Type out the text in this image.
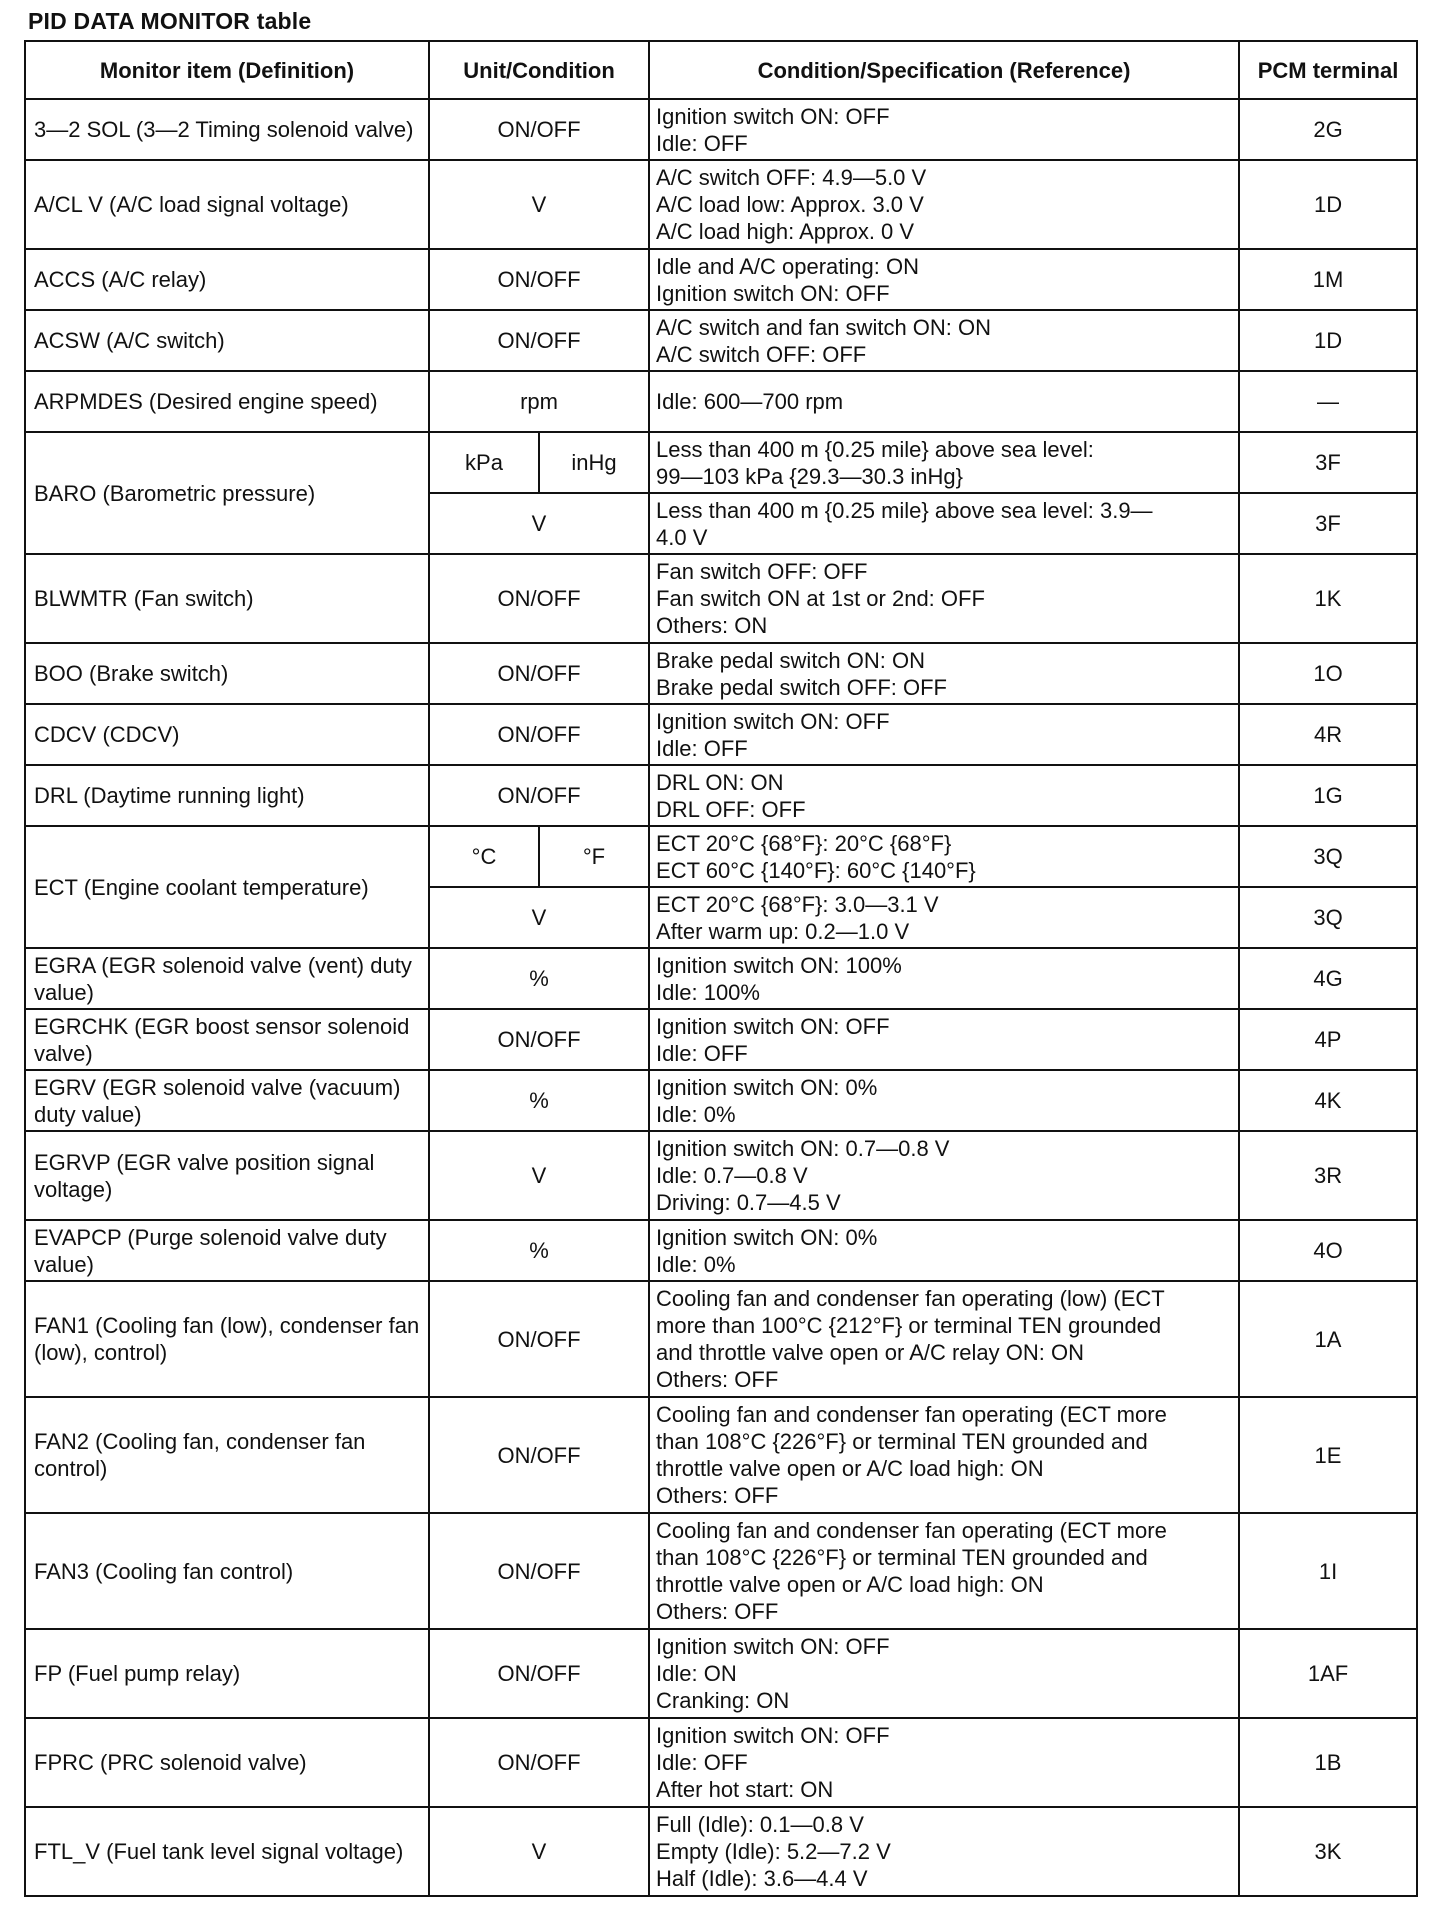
PID DATA MONITOR table
Monitor item (Definition)	Unit/Condition		Condition/Specification (Reference)	PCM terminal
3—2 SOL (3—2 Timing solenoid valve)	ON/OFF		Ignition switch ON: OFF
Idle: OFF	2G
A/CL V (A/C load signal voltage)	V		A/C switch OFF: 4.9—5.0 V
A/C load low: Approx. 3.0 V
A/C load high: Approx. 0 V	1D
ACCS (A/C relay)	ON/OFF		Idle and A/C operating: ON
Ignition switch ON: OFF	1M
ACSW (A/C switch)	ON/OFF		A/C switch and fan switch ON: ON
A/C switch OFF: OFF	1D
ARPMDES (Desired engine speed)	rpm		Idle: 600—700 rpm	—
BARO (Barometric pressure)	kPa	inHg	Less than 400 m {0.25 mile} above sea level:
99—103 kPa {29.3—30.3 inHg}	3F
	V		Less than 400 m {0.25 mile} above sea level: 3.9—
4.0 V	3F
BLWMTR (Fan switch)	ON/OFF		Fan switch OFF: OFF
Fan switch ON at 1st or 2nd: OFF
Others: ON	1K
BOO (Brake switch)	ON/OFF		Brake pedal switch ON: ON
Brake pedal switch OFF: OFF	1O
CDCV (CDCV)	ON/OFF		Ignition switch ON: OFF
Idle: OFF	4R
DRL (Daytime running light)	ON/OFF		DRL ON: ON
DRL OFF: OFF	1G
ECT (Engine coolant temperature)	°C	°F	ECT 20°C {68°F}: 20°C {68°F}
ECT 60°C {140°F}: 60°C {140°F}	3Q
	V		ECT 20°C {68°F}: 3.0—3.1 V
After warm up: 0.2—1.0 V	3Q
EGRA (EGR solenoid valve (vent) duty value)	%		Ignition switch ON: 100%
Idle: 100%	4G
EGRCHK (EGR boost sensor solenoid valve)	ON/OFF		Ignition switch ON: OFF
Idle: OFF	4P
EGRV (EGR solenoid valve (vacuum) duty value)	%		Ignition switch ON: 0%
Idle: 0%	4K
EGRVP (EGR valve position signal voltage)	V		Ignition switch ON: 0.7—0.8 V
Idle: 0.7—0.8 V
Driving: 0.7—4.5 V	3R
EVAPCP (Purge solenoid valve duty value)	%		Ignition switch ON: 0%
Idle: 0%	4O
FAN1 (Cooling fan (low), condenser fan (low), control)	ON/OFF		Cooling fan and condenser fan operating (low) (ECT
more than 100°C {212°F} or terminal TEN grounded
and throttle valve open or A/C relay ON: ON
Others: OFF	1A
FAN2 (Cooling fan, condenser fan control)	ON/OFF		Cooling fan and condenser fan operating (ECT more
than 108°C {226°F} or terminal TEN grounded and
throttle valve open or A/C load high: ON
Others: OFF	1E
FAN3 (Cooling fan control)	ON/OFF		Cooling fan and condenser fan operating (ECT more
than 108°C {226°F} or terminal TEN grounded and
throttle valve open or A/C load high: ON
Others: OFF	1I
FP (Fuel pump relay)	ON/OFF		Ignition switch ON: OFF
Idle: ON
Cranking: ON	1AF
FPRC (PRC solenoid valve)	ON/OFF		Ignition switch ON: OFF
Idle: OFF
After hot start: ON	1B
FTL_V (Fuel tank level signal voltage)	V		Full (Idle): 0.1—0.8 V
Empty (Idle): 5.2—7.2 V
Half (Idle): 3.6—4.4 V	3K
